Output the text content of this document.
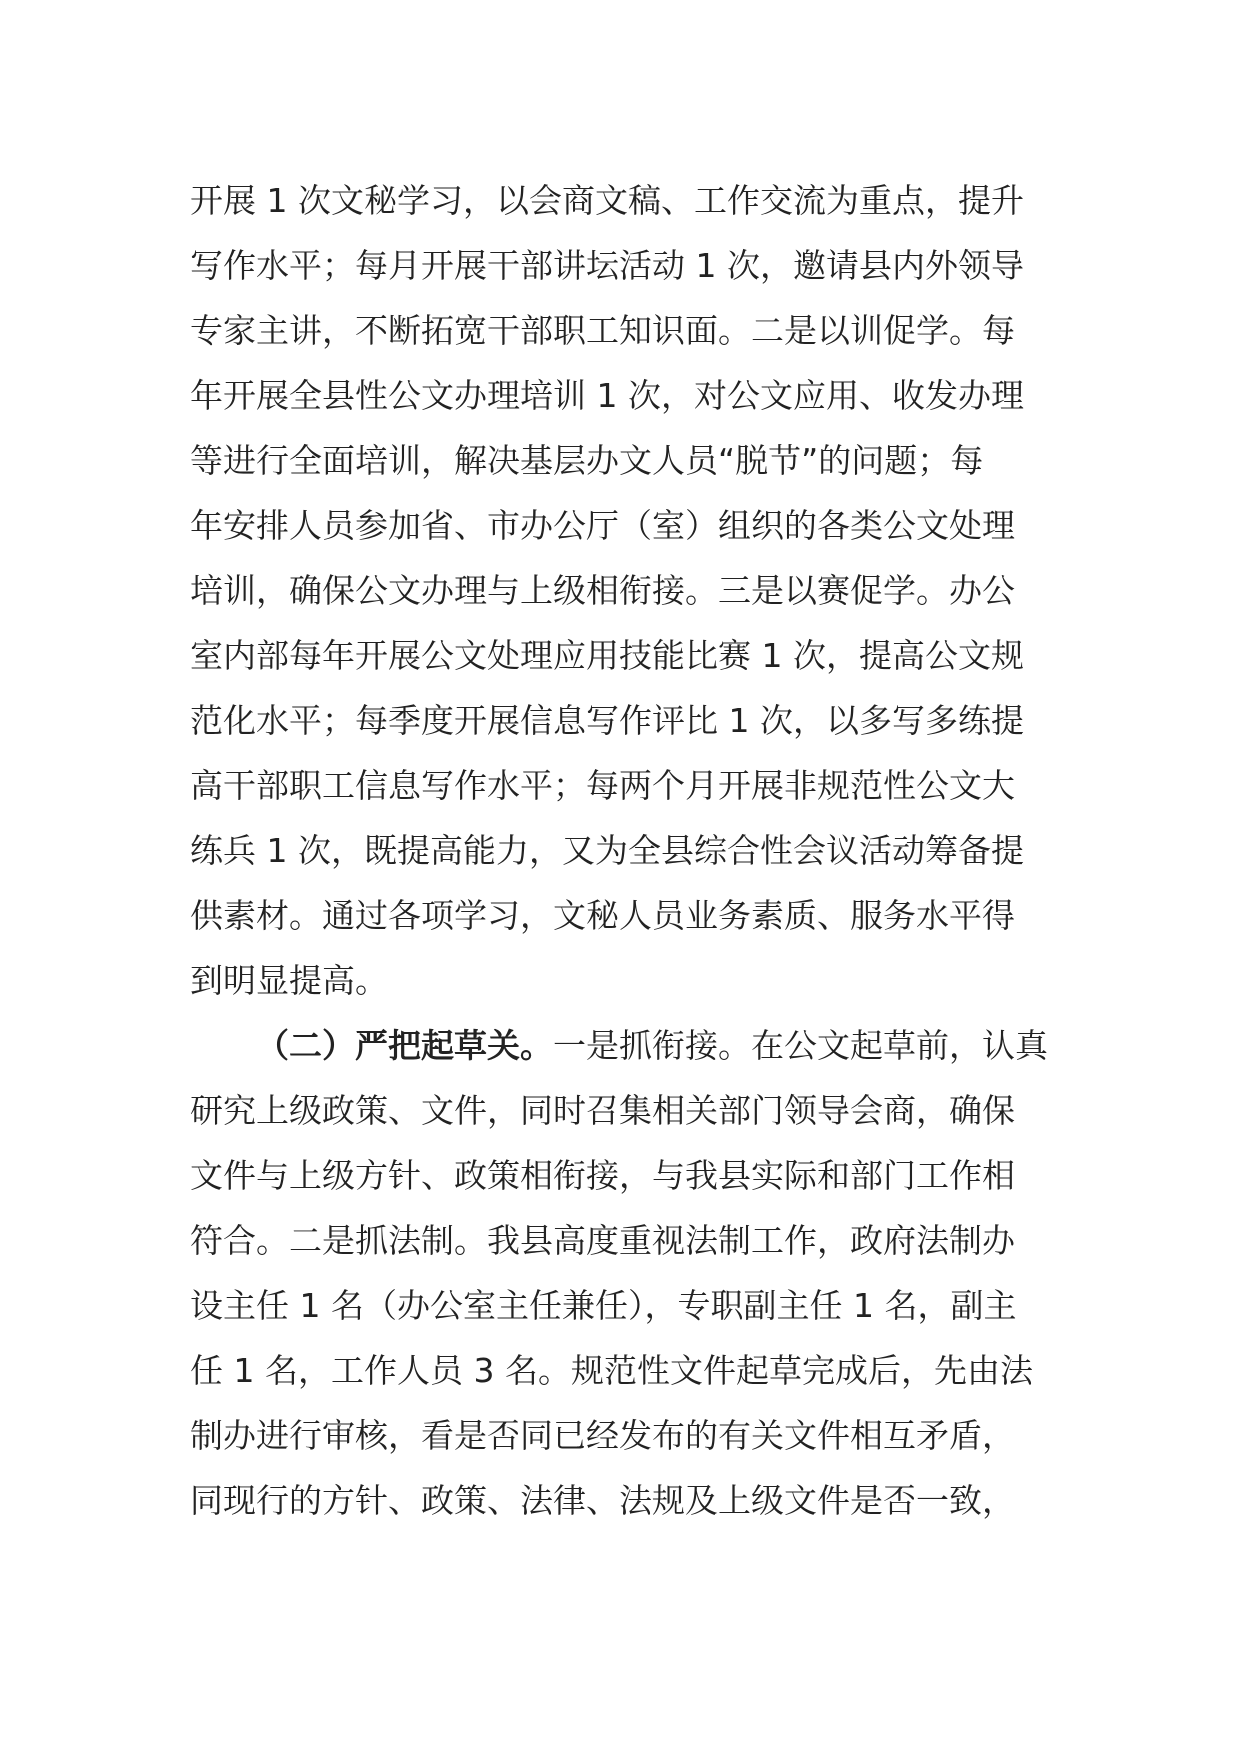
开展 1 次文秘学习，以会商文稿、工作交流为重点，提升
写作水平；每月开展干部讲坛活动 1 次，邀请县内外领导
专家主讲，不断拓宽干部职工知识面。二是以训促学。每
年开展全县性公文办理培训 1 次，对公文应用、收发办理
等进行全面培训，解决基层办文人员“脱节”的问题；每
年安排人员参加省、市办公厅（室）组织的各类公文处理
培训，确保公文办理与上级相衔接。三是以赛促学。办公
室内部每年开展公文处理应用技能比赛 1 次，提高公文规
范化水平；每季度开展信息写作评比 1 次，以多写多练提
高干部职工信息写作水平；每两个月开展非规范性公文大
练兵 1 次，既提高能力，又为全县综合性会议活动筹备提
供素材。通过各项学习，文秘人员业务素质、服务水平得
到明显提高。
（二）严把起草关。一是抓衔接。在公文起草前，认真
研究上级政策、文件，同时召集相关部门领导会商，确保
文件与上级方针、政策相衔接，与我县实际和部门工作相
符合。二是抓法制。我县高度重视法制工作，政府法制办
设主任 1 名（办公室主任兼任），专职副主任 1 名，副主
任 1 名，工作人员 3 名。规范性文件起草完成后，先由法
制办进行审核，看是否同已经发布的有关文件相互矛盾，
同现行的方针、政策、法律、法规及上级文件是否一致，
